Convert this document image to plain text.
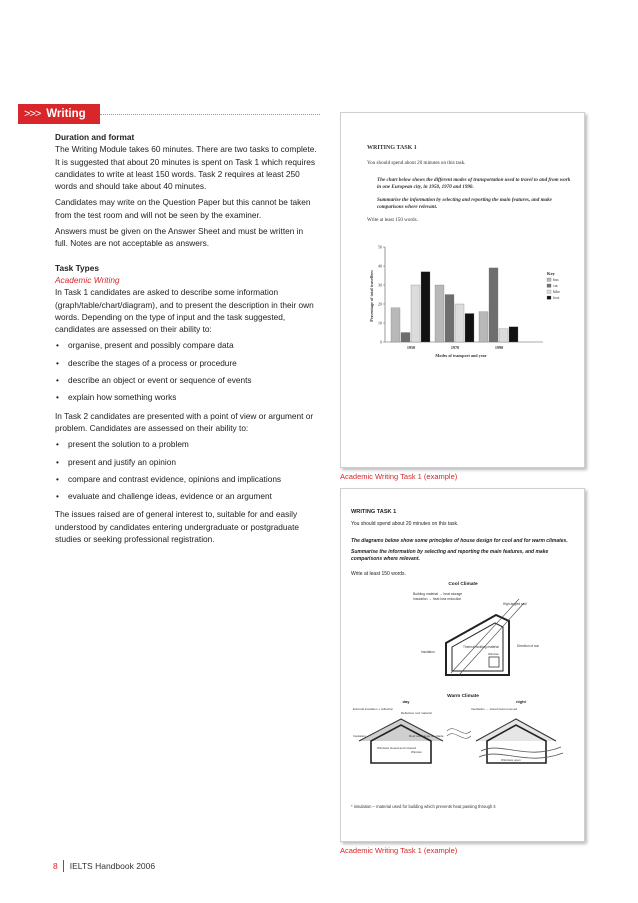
>>> Writing

Duration and format

The Writing Module takes 60 minutes. There are two tasks to complete. It is suggested that about 20 minutes is spent on Task 1 which requires candidates to write at least 150 words. Task 2 requires at least 250 words and should take about 40 minutes.

Candidates may write on the Question Paper but this cannot be taken from the test room and will not be seen by the examiner.

Answers must be given on the Answer Sheet and must be written in full. Notes are not acceptable as answers.

Task Types

Academic Writing

In Task 1 candidates are asked to describe some information (graph/table/chart/diagram), and to present the description in their own words. Depending on the type of input and the task suggested, candidates are assessed on their ability to:

• organise, present and possibly compare data
• describe the stages of a process or procedure
• describe an object or event or sequence of events
• explain how something works

In Task 2 candidates are presented with a point of view or argument or problem. Candidates are assessed on their ability to:

• present the solution to a problem
• present and justify an opinion
• compare and contrast evidence, opinions and implications
• evaluate and challenge ideas, evidence or an argument

The issues raised are of general interest to, suitable for and easily understood by candidates entering undergraduate or postgraduate studies or seeking professional registration.

WRITING TASK 1
You should spend about 20 minutes on this task.
The chart below shows the different modes of transportation used to travel to and from work in one European city, in 1950, 1970 and 1990.
Summarise the information by selecting and reporting the main features, and make comparisons where relevant.
Write at least 150 words.
Percentage of total travellers
Modes of transport and year
50
40
30
20
10
0
1950	1970	1990
Key
bus
car
bike
foot
Academic Writing Task 1 (example)
WRITING TASK 1

You should spend about 20 minutes on this task.

The diagrams below show some principles of house design for cool and for warm climates.

Summarise the information by selecting and reporting the main features, and make comparisons where relevant.

Write at least 150 words.

Cool Climate
Building material → heat storage
Insulation → heat loss reduction
High-angled roof
Insulation
Thermal building material	Direction of sun
Window
Warm Climate
day	night
External insulation + reflection
Reflective roof material
Ventilation → stored heat removed
Insulation	Roof overhangs for shade
Windows closed and covered
Window
Windows open
* insulation – material used for building which prevents heat passing through it
Academic Writing Task 1 (example)
8 IELTS Handbook 2006
